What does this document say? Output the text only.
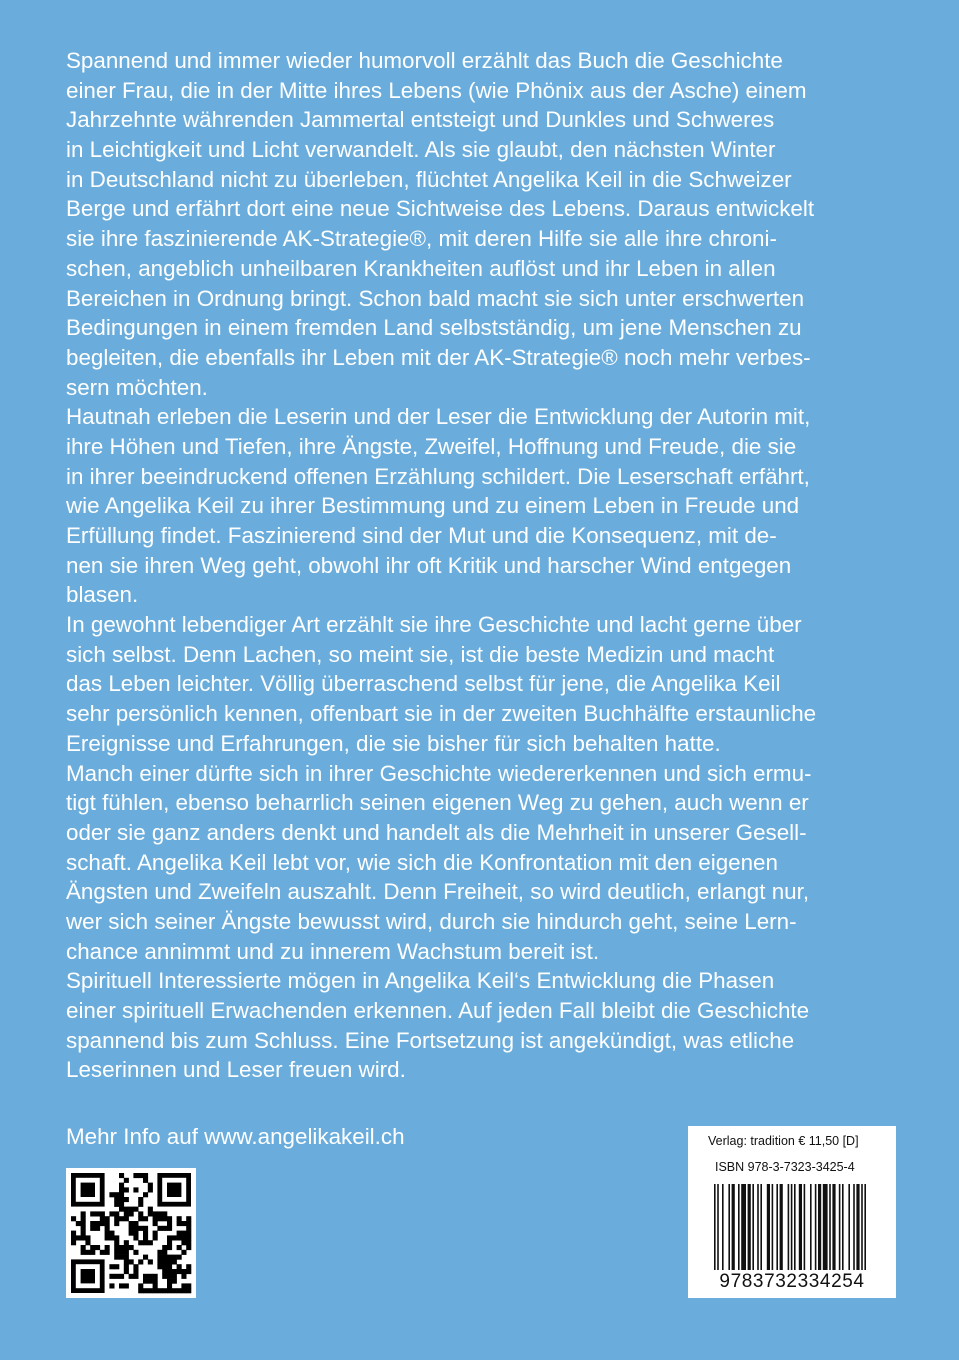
Spannend und immer wieder humorvoll erzählt das Buch die Geschichte
einer Frau, die in der Mitte ihres Lebens (wie Phönix aus der Asche) einem
Jahrzehnte währenden Jammertal entsteigt und Dunkles und Schweres
in Leichtigkeit und Licht verwandelt. Als sie glaubt, den nächsten Winter
in Deutschland nicht zu überleben, flüchtet Angelika Keil in die Schweizer
Berge und erfährt dort eine neue Sichtweise des Lebens. Daraus entwickelt
sie ihre faszinierende AK-Strategie®, mit deren Hilfe sie alle ihre chroni-
schen, angeblich unheilbaren Krankheiten auflöst und ihr Leben in allen
Bereichen in Ordnung bringt. Schon bald macht sie sich unter erschwerten
Bedingungen in einem fremden Land selbstständig, um jene Menschen zu
begleiten, die ebenfalls ihr Leben mit der AK-Strategie® noch mehr verbes-
sern möchten.
Hautnah erleben die Leserin und der Leser die Entwicklung der Autorin mit,
ihre Höhen und Tiefen, ihre Ängste, Zweifel, Hoffnung und Freude, die sie
in ihrer beeindruckend offenen Erzählung schildert. Die Leserschaft erfährt,
wie Angelika Keil zu ihrer Bestimmung und zu einem Leben in Freude und
Erfüllung findet. Faszinierend sind der Mut und die Konsequenz, mit de-
nen sie ihren Weg geht, obwohl ihr oft Kritik und harscher Wind entgegen
blasen.
In gewohnt lebendiger Art erzählt sie ihre Geschichte und lacht gerne über
sich selbst. Denn Lachen, so meint sie, ist die beste Medizin und macht
das Leben leichter. Völlig überraschend selbst für jene, die Angelika Keil
sehr persönlich kennen, offenbart sie in der zweiten Buchhälfte erstaunliche
Ereignisse und Erfahrungen, die sie bisher für sich behalten hatte.
Manch einer dürfte sich in ihrer Geschichte wiedererkennen und sich ermu-
tigt fühlen, ebenso beharrlich seinen eigenen Weg zu gehen, auch wenn er
oder sie ganz anders denkt und handelt als die Mehrheit in unserer Gesell-
schaft. Angelika Keil lebt vor, wie sich die Konfrontation mit den eigenen
Ängsten und Zweifeln auszahlt. Denn Freiheit, so wird deutlich, erlangt nur,
wer sich seiner Ängste bewusst wird, durch sie hindurch geht, seine Lern-
chance annimmt und zu innerem Wachstum bereit ist.
Spirituell Interessierte mögen in Angelika Keil‘s Entwicklung die Phasen
einer spirituell Erwachenden erkennen. Auf jeden Fall bleibt die Geschichte
spannend bis zum Schluss. Eine Fortsetzung ist angekündigt, was etliche
Leserinnen und Leser freuen wird.
Mehr Info auf www.angelikakeil.ch	Verlag: tradition € 11,50 [D]
ISBN 978-3-7323-3425-4
9783732334254
